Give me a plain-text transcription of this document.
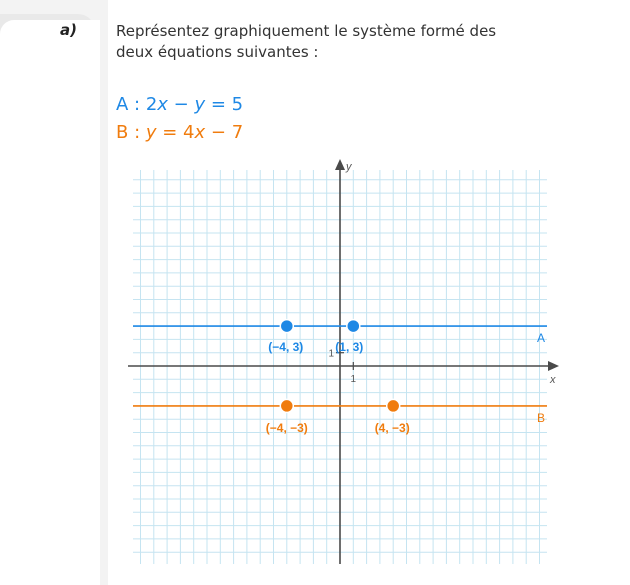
a)	Représentez graphiquement le système formé des deux équations suivantes :
A : 2x − y = 5
B : y = 4x − 7
1
1
x
y
A
(−4, 3)	(1, 3)
B
(−4, −3)	(4, −3)
